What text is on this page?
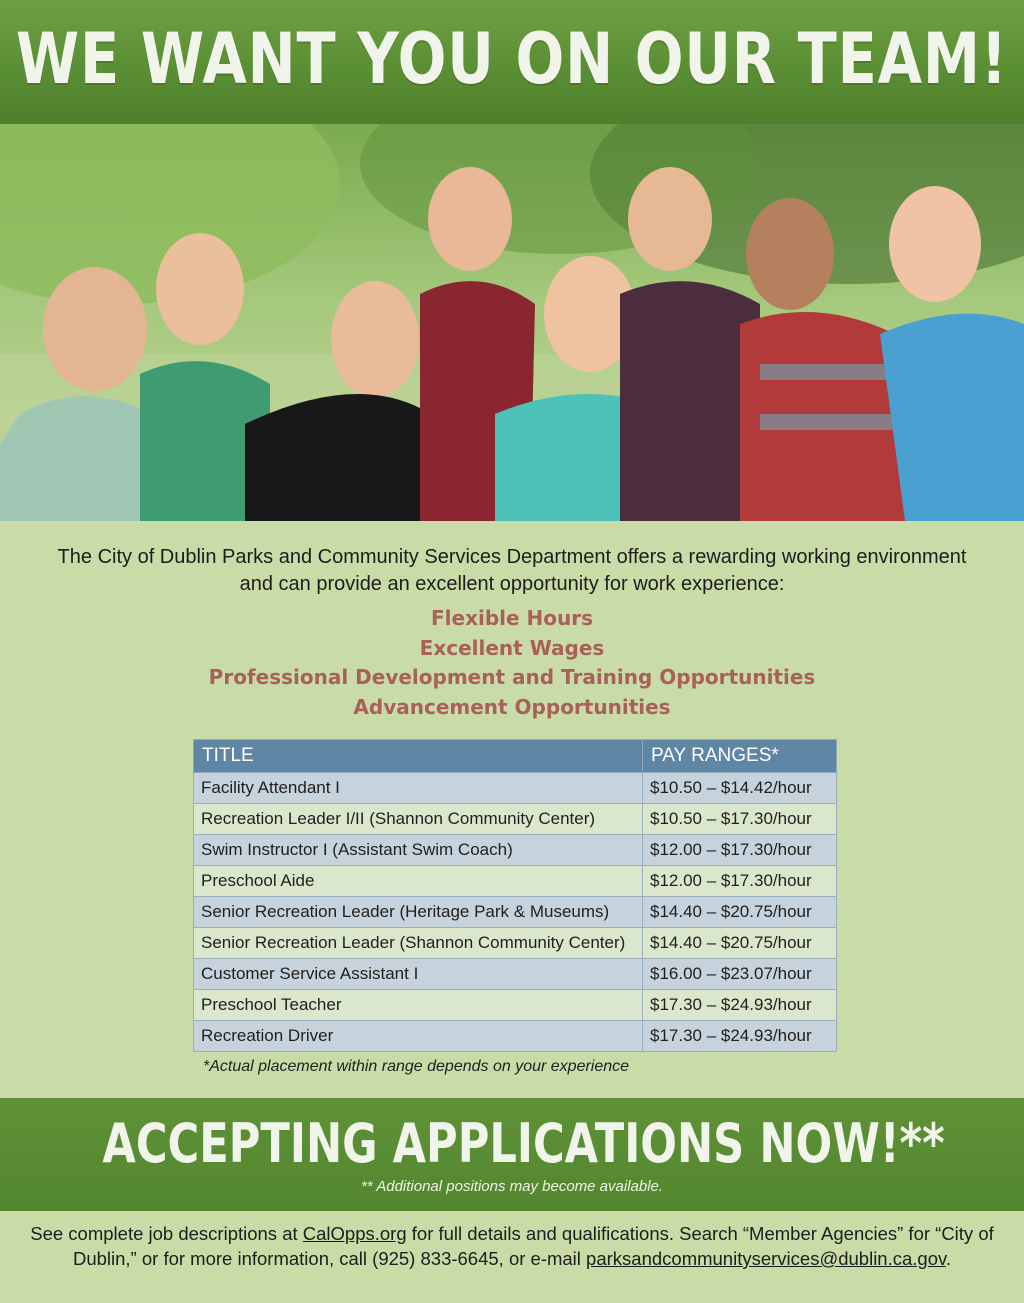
WE WANT YOU ON OUR TEAM!
The City of Dublin Parks and Community Services Department offers a rewarding working environment
and can provide an excellent opportunity for work experience:
Flexible Hours
Excellent Wages
Professional Development and Training Opportunities
Advancement Opportunities
TITLE	PAY RANGES*
Facility Attendant I	$10.50 – $14.42/hour
Recreation Leader I/II (Shannon Community Center)	$10.50 – $17.30/hour
Swim Instructor I (Assistant Swim Coach)	$12.00 – $17.30/hour
Preschool Aide	$12.00 – $17.30/hour
Senior Recreation Leader (Heritage Park & Museums)	$14.40 – $20.75/hour
Senior Recreation Leader (Shannon Community Center)	$14.40 – $20.75/hour
Customer Service Assistant I	$16.00 – $23.07/hour
Preschool Teacher	$17.30 – $24.93/hour
Recreation Driver	$17.30 – $24.93/hour
*Actual placement within range depends on your experience
ACCEPTING APPLICATIONS NOW!**
** Additional positions may become available.
See complete job descriptions at CalOpps.org for full details and qualifications. Search “Member Agencies” for “City of Dublin,” or for more information, call (925) 833-6645, or e-mail parksandcommunityservices@dublin.ca.gov.
